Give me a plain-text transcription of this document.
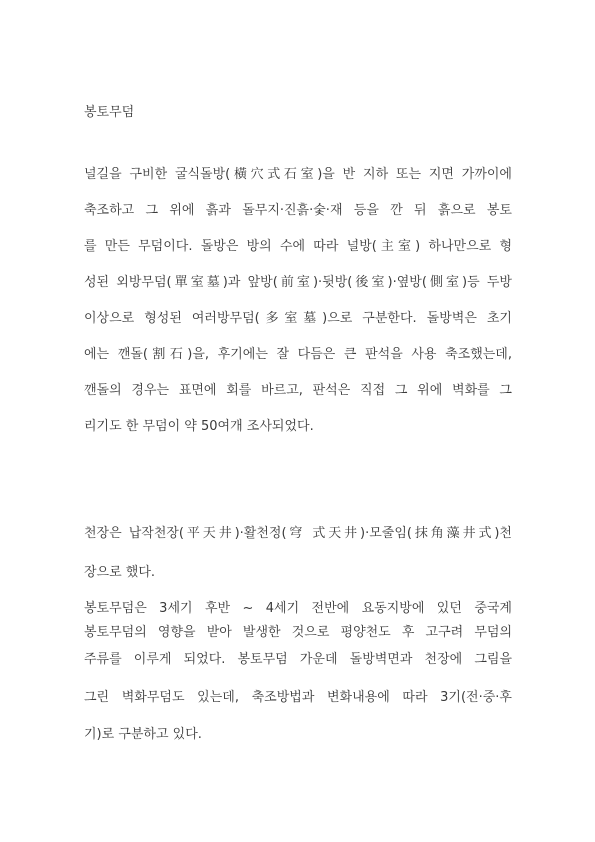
봉토무덤
널길을 구비한 굴식돌방(橫穴式石室)을 반 지하 또는 지면 가까이에
축조하고 그 위에 흙과 돌무지·진흙·숯·재 등을 깐 뒤 흙으로 봉토
를 만든 무덤이다. 돌방은 방의 수에 따라 널방(主室) 하나만으로 형
성된 외방무덤(單室墓)과 앞방(前室)·뒷방(後室)·옆방(側室)등 두방
이상으로 형성된 여러방무덤(多室墓)으로 구분한다. 돌방벽은 초기
에는 깬돌(割石)을, 후기에는 잘 다듬은 큰 판석을 사용 축조했는데,
깬돌의 경우는 표면에 회를 바르고, 판석은 직접 그 위에 벽화를 그
리기도 한 무덤이 약 50여개 조사되었다.
천장은 납작천장(平天井)·활천정(穹 式天井)·모줄임(抹角藻井式)천
장으로 했다.
봉토무덤은 3세기 후반 ~ 4세기 전반에 요동지방에 있던 중국계
봉토무덤의 영향을 받아 발생한 것으로 평양천도 후 고구려 무덤의
주류를 이루게 되었다. 봉토무덤 가운데 돌방벽면과 천장에 그림을
그린 벽화무덤도 있는데, 축조방법과 변화내용에 따라 3기(전·중·후
기)로 구분하고 있다.
